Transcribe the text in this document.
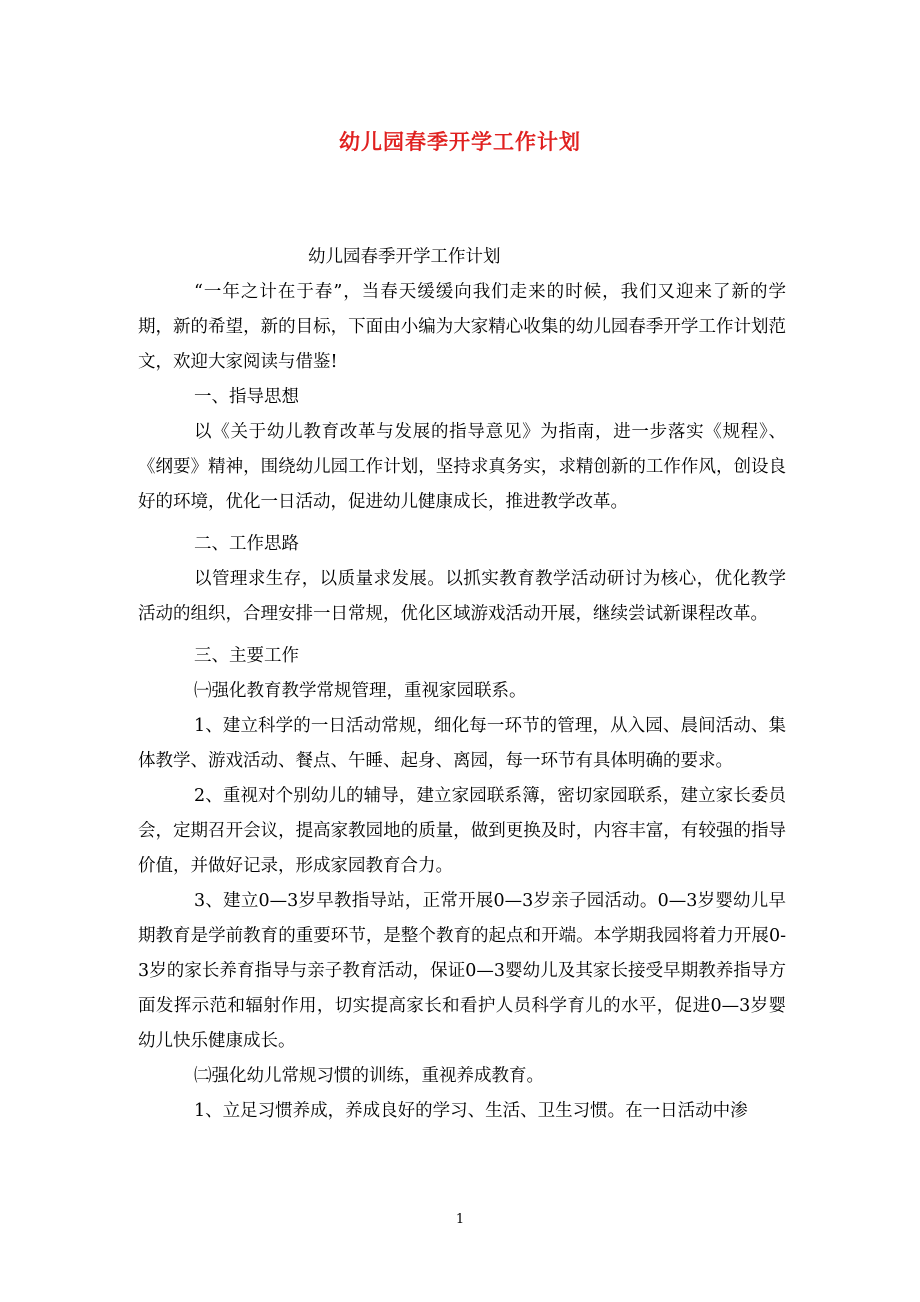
幼儿园春季开学工作计划
幼儿园春季开学工作计划

“一年之计在于春”，当春天缓缓向我们走来的时候，我们又迎来了新的学期，新的希望，新的目标，下面由小编为大家精心收集的幼儿园春季开学工作计划范文，欢迎大家阅读与借鉴!

一、指导思想

以《关于幼儿教育改革与发展的指导意见》为指南，进一步落实《规程》、《纲要》精神，围绕幼儿园工作计划，坚持求真务实，求精创新的工作作风，创设良好的环境，优化一日活动，促进幼儿健康成长，推进教学改革。

二、工作思路

以管理求生存，以质量求发展。以抓实教育教学活动研讨为核心，优化教学活动的组织，合理安排一日常规，优化区域游戏活动开展，继续尝试新课程改革。

三、主要工作

㈠强化教育教学常规管理，重视家园联系。

1、建立科学的一日活动常规，细化每一环节的管理，从入园、晨间活动、集体教学、游戏活动、餐点、午睡、起身、离园，每一环节有具体明确的要求。

2、重视对个别幼儿的辅导，建立家园联系簿，密切家园联系，建立家长委员会，定期召开会议，提高家教园地的质量，做到更换及时，内容丰富，有较强的指导价值，并做好记录，形成家园教育合力。

3、建立0—3岁早教指导站，正常开展0—3岁亲子园活动。0—3岁婴幼儿早期教育是学前教育的重要环节，是整个教育的起点和开端。本学期我园将着力开展0-3岁的家长养育指导与亲子教育活动，保证0—3婴幼儿及其家长接受早期教养指导方面发挥示范和辐射作用，切实提高家长和看护人员科学育儿的水平，促进0—3岁婴幼儿快乐健康成长。

㈡强化幼儿常规习惯的训练，重视养成教育。

1、立足习惯养成，养成良好的学习、生活、卫生习惯。在一日活动中渗

1
